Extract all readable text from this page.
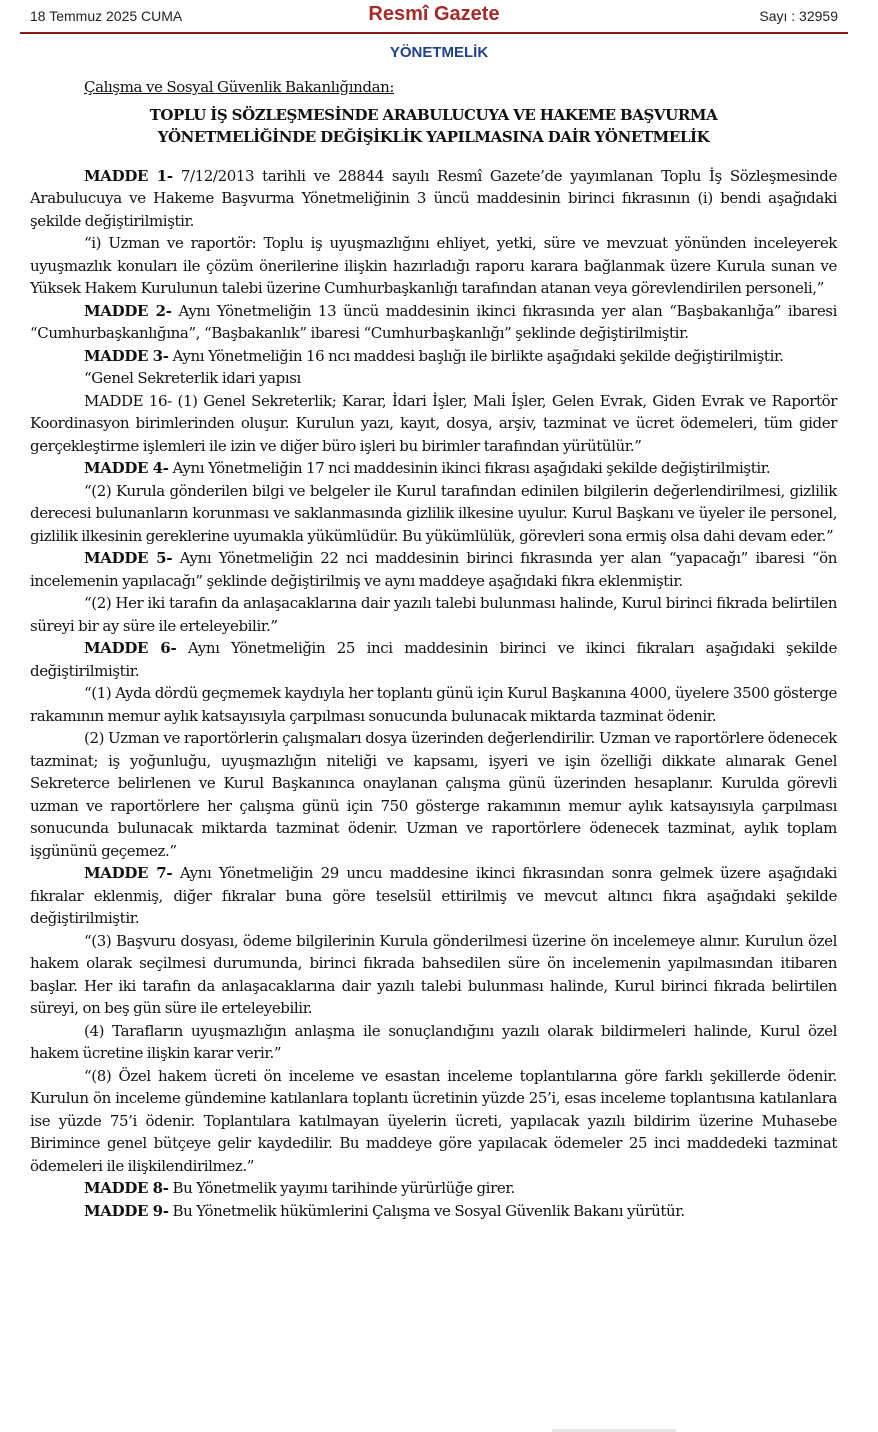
18 Temmuz 2025 CUMA	Resmî Gazete	Sayı : 32959
YÖNETMELİK
Çalışma ve Sosyal Güvenlik Bakanlığından:
TOPLU İŞ SÖZLEŞMESİNDE ARABULUCUYA VE HAKEME BAŞVURMA
YÖNETMELİĞİNDE DEĞİŞİKLİK YAPILMASINA DAİR YÖNETMELİK

MADDE 1- 7/12/2013 tarihli ve 28844 sayılı Resmî Gazete’de yayımlanan Toplu İş Sözleşmesinde Arabulucuya ve Hakeme Başvurma Yönetmeliğinin 3 üncü maddesinin birinci fıkrasının (i) bendi aşağıdaki şekilde değiştirilmiştir.

“i) Uzman ve raportör: Toplu iş uyuşmazlığını ehliyet, yetki, süre ve mevzuat yönünden inceleyerek uyuşmazlık konuları ile çözüm önerilerine ilişkin hazırladığı raporu karara bağlanmak üzere Kurula sunan ve Yüksek Hakem Kurulunun talebi üzerine Cumhurbaşkanlığı tarafından atanan veya görevlendirilen personeli,”

MADDE 2- Aynı Yönetmeliğin 13 üncü maddesinin ikinci fıkrasında yer alan “Başbakanlığa” ibaresi “Cumhurbaşkanlığına”, “Başbakanlık” ibaresi “Cumhurbaşkanlığı” şeklinde değiştirilmiştir.

MADDE 3- Aynı Yönetmeliğin 16 ncı maddesi başlığı ile birlikte aşağıdaki şekilde değiştirilmiştir.

“Genel Sekreterlik idari yapısı

MADDE 16- (1) Genel Sekreterlik; Karar, İdari İşler, Mali İşler, Gelen Evrak, Giden Evrak ve Raportör Koordinasyon birimlerinden oluşur. Kurulun yazı, kayıt, dosya, arşiv, tazminat ve ücret ödemeleri, tüm gider gerçekleştirme işlemleri ile izin ve diğer büro işleri bu birimler tarafından yürütülür.”

MADDE 4- Aynı Yönetmeliğin 17 nci maddesinin ikinci fıkrası aşağıdaki şekilde değiştirilmiştir.

“(2) Kurula gönderilen bilgi ve belgeler ile Kurul tarafından edinilen bilgilerin değerlendirilmesi, gizlilik derecesi bulunanların korunması ve saklanmasında gizlilik ilkesine uyulur. Kurul Başkanı ve üyeler ile personel, gizlilik ilkesinin gereklerine uyumakla yükümlüdür. Bu yükümlülük, görevleri sona ermiş olsa dahi devam eder.”

MADDE 5- Aynı Yönetmeliğin 22 nci maddesinin birinci fıkrasında yer alan “yapacağı” ibaresi “ön incelemenin yapılacağı” şeklinde değiştirilmiş ve aynı maddeye aşağıdaki fıkra eklenmiştir.

“(2) Her iki tarafın da anlaşacaklarına dair yazılı talebi bulunması halinde, Kurul birinci fıkrada belirtilen süreyi bir ay süre ile erteleyebilir.”

MADDE 6- Aynı Yönetmeliğin 25 inci maddesinin birinci ve ikinci fıkraları aşağıdaki şekilde değiştirilmiştir.

“(1) Ayda dördü geçmemek kaydıyla her toplantı günü için Kurul Başkanına 4000, üyelere 3500 gösterge rakamının memur aylık katsayısıyla çarpılması sonucunda bulunacak miktarda tazminat ödenir.

(2) Uzman ve raportörlerin çalışmaları dosya üzerinden değerlendirilir. Uzman ve raportörlere ödenecek tazminat; iş yoğunluğu, uyuşmazlığın niteliği ve kapsamı, işyeri ve işin özelliği dikkate alınarak Genel Sekreterce belirlenen ve Kurul Başkanınca onaylanan çalışma günü üzerinden hesaplanır. Kurulda görevli uzman ve raportörlere her çalışma günü için 750 gösterge rakamının memur aylık katsayısıyla çarpılması sonucunda bulunacak miktarda tazminat ödenir. Uzman ve raportörlere ödenecek tazminat, aylık toplam işgününü geçemez.”

MADDE 7- Aynı Yönetmeliğin 29 uncu maddesine ikinci fıkrasından sonra gelmek üzere aşağıdaki fıkralar eklenmiş, diğer fıkralar buna göre teselsül ettirilmiş ve mevcut altıncı fıkra aşağıdaki şekilde değiştirilmiştir.

“(3) Başvuru dosyası, ödeme bilgilerinin Kurula gönderilmesi üzerine ön incelemeye alınır. Kurulun özel hakem olarak seçilmesi durumunda, birinci fıkrada bahsedilen süre ön incelemenin yapılmasından itibaren başlar. Her iki tarafın da anlaşacaklarına dair yazılı talebi bulunması halinde, Kurul birinci fıkrada belirtilen süreyi, on beş gün süre ile erteleyebilir.

(4) Tarafların uyuşmazlığın anlaşma ile sonuçlandığını yazılı olarak bildirmeleri halinde, Kurul özel hakem ücretine ilişkin karar verir.”

“(8) Özel hakem ücreti ön inceleme ve esastan inceleme toplantılarına göre farklı şekillerde ödenir. Kurulun ön inceleme gündemine katılanlara toplantı ücretinin yüzde 25’i, esas inceleme toplantısına katılanlara ise yüzde 75’i ödenir. Toplantılara katılmayan üyelerin ücreti, yapılacak yazılı bildirim üzerine Muhasebe Birimince genel bütçeye gelir kaydedilir. Bu maddeye göre yapılacak ödemeler 25 inci maddedeki tazminat ödemeleri ile ilişkilendirilmez.”

MADDE 8- Bu Yönetmelik yayımı tarihinde yürürlüğe girer.

MADDE 9- Bu Yönetmelik hükümlerini Çalışma ve Sosyal Güvenlik Bakanı yürütür.
